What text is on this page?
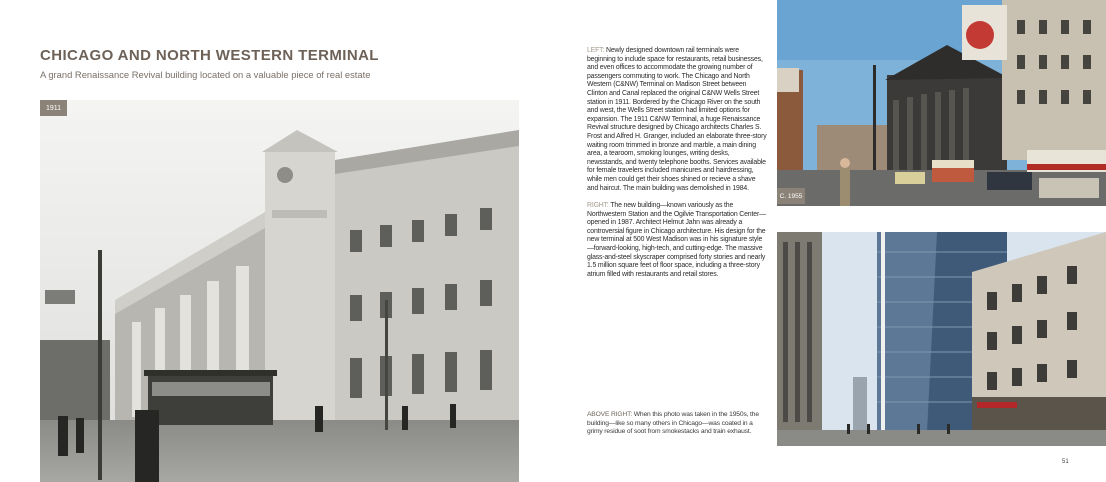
CHICAGO AND NORTH WESTERN TERMINAL
A grand Renaissance Revival building located on a valuable piece of real estate
1911

LEFT: Newly designed downtown rail terminals were beginning to include space for restaurants, retail businesses, and even offices to accommodate the growing number of passengers commuting to work. The Chicago and North Western (C&NW) Terminal on Madison Street between Clinton and Canal replaced the original C&NW Wells Street station in 1911. Bordered by the Chicago River on the south and west, the Wells Street station had limited options for expansion. The 1911 C&NW Terminal, a huge Renaissance Revival structure designed by Chicago architects Charles S. Frost and Alfred H. Granger, included an elaborate three-story waiting room trimmed in bronze and marble, a main dining area, a tearoom, smoking lounges, writing desks, newsstands, and twenty telephone booths. Services available for female travelers included manicures and hairdressing, while men could get their shoes shined or recieve a shave and haircut. The main building was demolished in 1984.

RIGHT: The new building—known variously as the Northwestern Station and the Ogilvie Transportation Center—opened in 1987. Architect Helmut Jahn was already a controversial figure in Chicago architecture. His design for the new terminal at 500 West Madison was in his signature style—forward-looking, high-tech, and cutting-edge. The massive glass-and-steel skyscraper comprised forty stories and nearly 1.5 million square feet of floor space, including a three-story atrium filled with restaurants and retail stores.

ABOVE RIGHT: When this photo was taken in the 1950s, the building—like so many others in Chicago—was coated in a grimy residue of soot from smokestacks and train exhaust.
C. 1955
51
